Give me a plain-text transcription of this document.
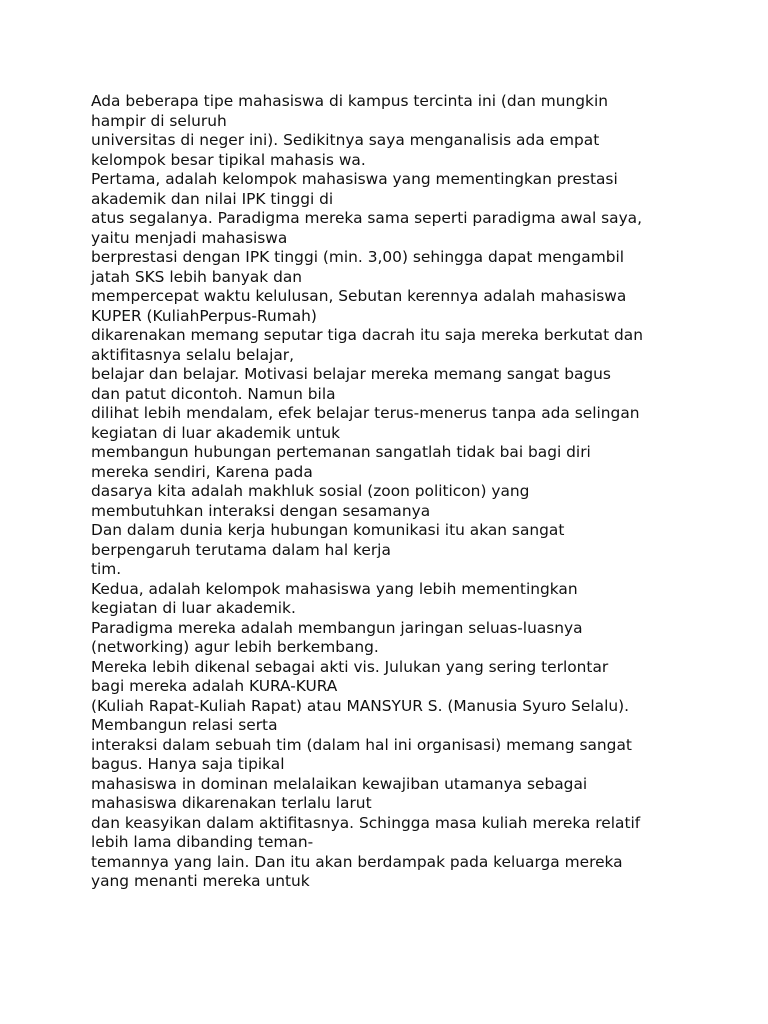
Ada beberapa tipe mahasiswa di kampus tercinta ini (dan mungkin
hampir di seluruh
universitas di neger ini). Sedikitnya saya menganalisis ada empat
kelompok besar tipikal mahasis wa.
Pertama, adalah kelompok mahasiswa yang mementingkan prestasi
akademik dan nilai IPK tinggi di
atus segalanya. Paradigma mereka sama seperti paradigma awal saya,
yaitu menjadi mahasiswa
berprestasi dengan IPK tinggi (min. 3,00) sehingga dapat mengambil
jatah SKS lebih banyak dan
mempercepat waktu kelulusan, Sebutan kerennya adalah mahasiswa
KUPER (KuliahPerpus-Rumah)
dikarenakan memang seputar tiga dacrah itu saja mereka berkutat dan
aktifitasnya selalu belajar,
belajar dan belajar. Motivasi belajar mereka memang sangat bagus
dan patut dicontoh. Namun bila
dilihat lebih mendalam, efek belajar terus-menerus tanpa ada selingan
kegiatan di luar akademik untuk
membangun hubungan pertemanan sangatlah tidak bai bagi diri
mereka sendiri, Karena pada
dasarya kita adalah makhluk sosial (zoon politicon) yang
membutuhkan interaksi dengan sesamanya
Dan dalam dunia kerja hubungan komunikasi itu akan sangat
berpengaruh terutama dalam hal kerja
tim.
Kedua, adalah kelompok mahasiswa yang lebih mementingkan
kegiatan di luar akademik.
Paradigma mereka adalah membangun jaringan seluas-luasnya
(networking) agur lebih berkembang.
Mereka lebih dikenal sebagai akti vis. Julukan yang sering terlontar
bagi mereka adalah KURA-KURA
(Kuliah Rapat-Kuliah Rapat) atau MANSYUR S. (Manusia Syuro Selalu).
Membangun relasi serta
interaksi dalam sebuah tim (dalam hal ini organisasi) memang sangat
bagus. Hanya saja tipikal
mahasiswa in dominan melalaikan kewajiban utamanya sebagai
mahasiswa dikarenakan terlalu larut
dan keasyikan dalam aktifitasnya. Schingga masa kuliah mereka relatif
lebih lama dibanding teman-
temannya yang lain. Dan itu akan berdampak pada keluarga mereka
yang menanti mereka untuk
